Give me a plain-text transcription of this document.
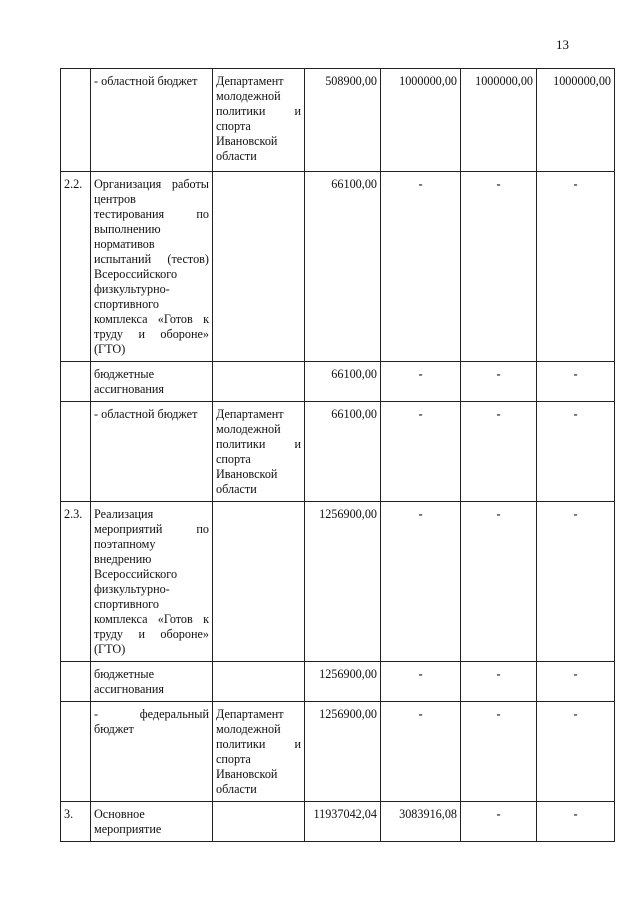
13
	- областной бюджет	Департамент молодежной политики и спорта Ивановской области	508900,00	1000000,00	1000000,00	1000000,00
2.2.	Организация работы центров тестирования по выполнению нормативов испытаний (тестов) Всероссийского физкультурно-спортивного комплекса «Готов к труду и обороне» (ГТО)		66100,00	-	-	-
	бюджетные ассигнования		66100,00	-	-	-
	- областной бюджет	Департамент молодежной политики и спорта Ивановской области	66100,00	-	-	-
2.3.	Реализация мероприятий по поэтапному внедрению Всероссийского физкультурно-спортивного комплекса «Готов к труду и обороне» (ГТО)		1256900,00	-	-	-
	бюджетные ассигнования		1256900,00	-	-	-
	- федеральный бюджет	Департамент молодежной политики и спорта Ивановской области	1256900,00	-	-	-
3.	Основное мероприятие		11937042,04	3083916,08	-	-
